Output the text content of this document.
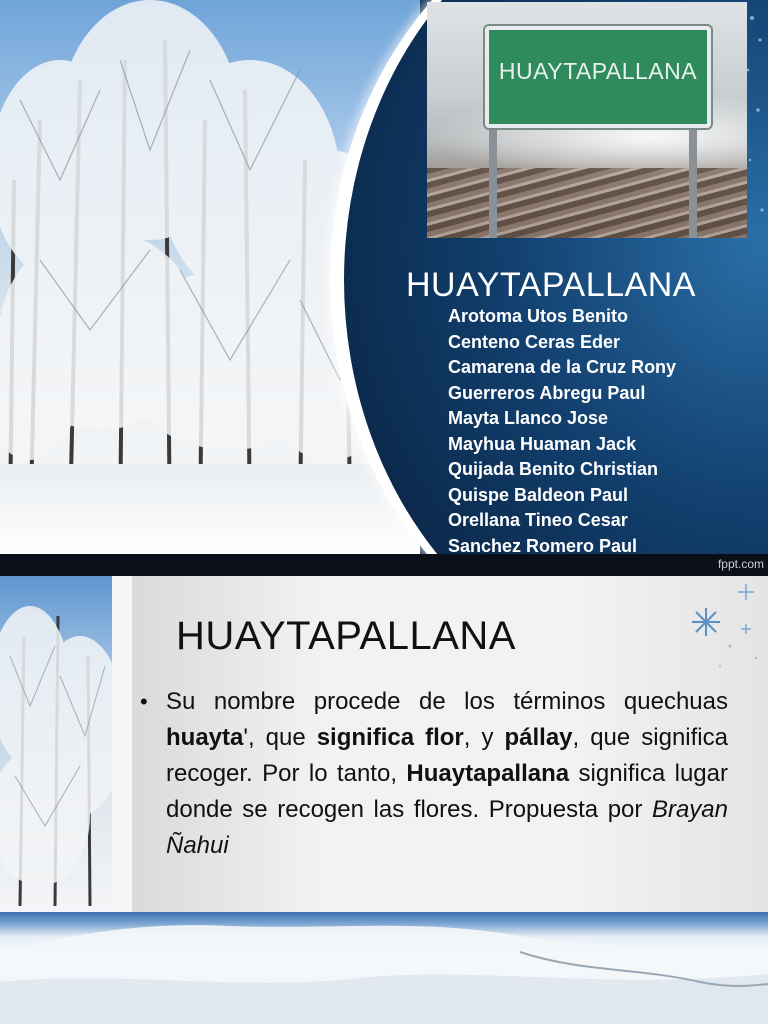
HUAYTAPALLANA
HUAYTAPALLANA
Arotoma Utos Benito
Centeno Ceras Eder
Camarena de la Cruz Rony
Guerreros Abregu Paul
Mayta Llanco Jose
Mayhua Huaman Jack
Quijada Benito Christian
Quispe Baldeon Paul
Orellana Tineo Cesar
Sanchez Romero Paul
fppt.com
HUAYTAPALLANA
• Su nombre procede de los términos quechuas huayta', que significa flor, y pállay, que significa recoger. Por lo tanto, Huaytapallana significa lugar donde se recogen las flores. Propuesta por Brayan Ñahui
